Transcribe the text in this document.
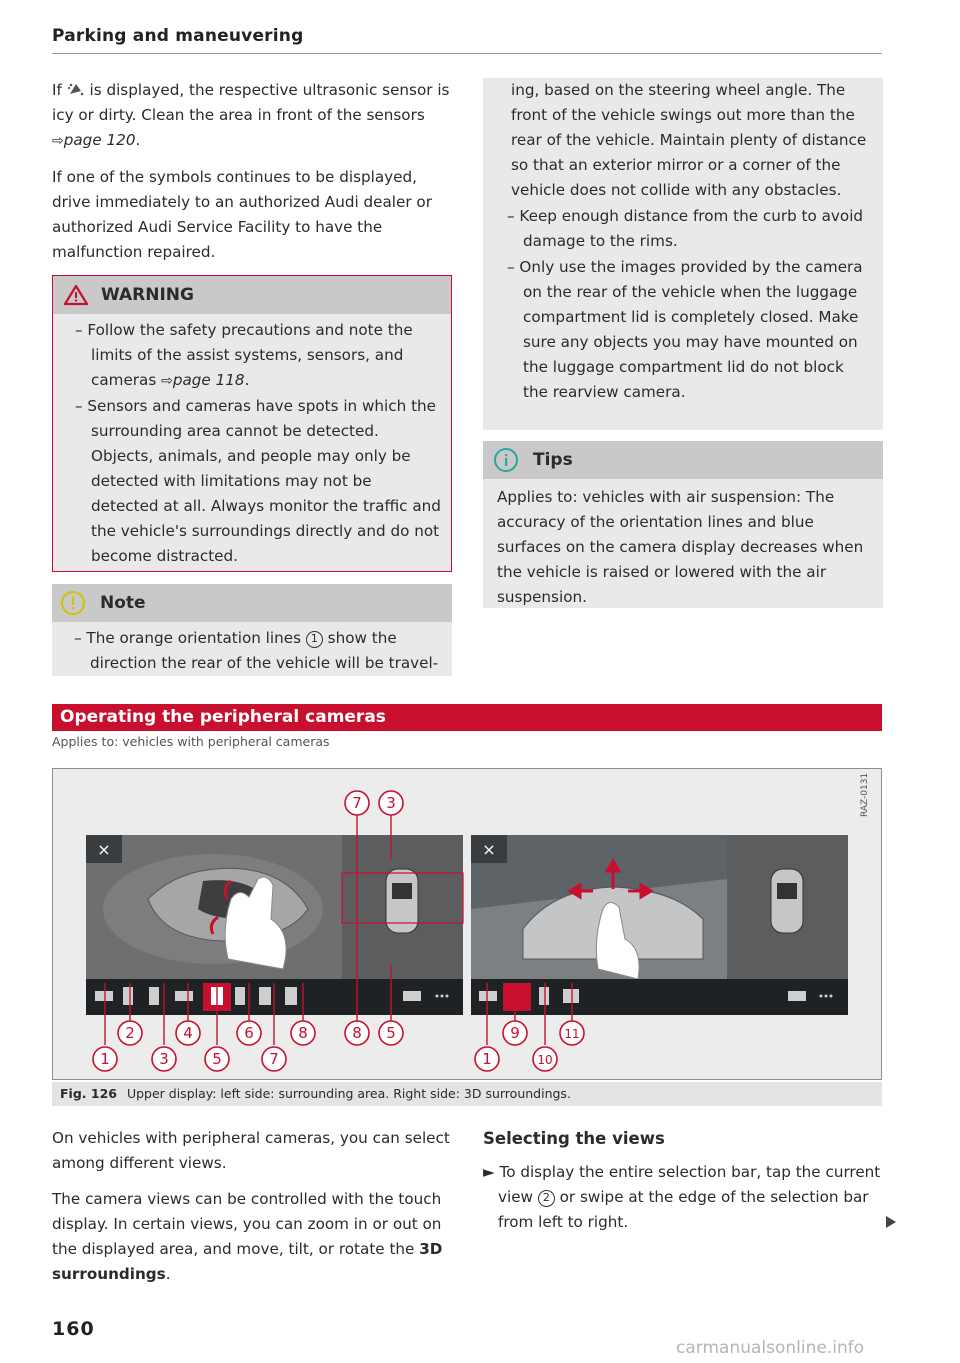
Parking and maneuvering

If is displayed, the respective ultrasonic sensor is icy or dirty. Clean the area in front of the sensors ⇨page 120.

If one of the symbols continues to be displayed, drive immediately to an authorized Audi dealer or authorized Audi Service Facility to have the malfunction repaired.

WARNING

– Follow the safety precautions and note the limits of the assist systems, sensors, and cameras ⇨page 118.

– Sensors and cameras have spots in which the surrounding area cannot be detected. Objects, animals, and people may only be detected with limitations may not be detected at all. Always monitor the traffic and the vehicle's surroundings directly and do not become distracted.

Note

– The orange orientation lines 1 show the direction the rear of the vehicle will be travel-

ing, based on the steering wheel angle. The front of the vehicle swings out more than the rear of the vehicle. Maintain plenty of distance so that an exterior mirror or a corner of the vehicle does not collide with any obstacles.

– Keep enough distance from the curb to avoid damage to the rims.

– Only use the images provided by the camera on the rear of the vehicle when the luggage compartment lid is completely closed. Make sure any objects you may have mounted on the luggage compartment lid do not block the rearview camera.

Tips

Applies to: vehicles with air suspension: The accuracy of the orientation lines and blue surfaces on the camera display decreases when the vehicle is raised or lowered with the air suspension.

Operating the peripheral cameras
Applies to: vehicles with peripheral cameras
×	×
7 3
2	4	6	8	8 5
1	3	5	7
9	11
1	10
RAZ-0131
Fig. 126 Upper display: left side: surrounding area. Right side: 3D surroundings.

On vehicles with peripheral cameras, you can select among different views.

The camera views can be controlled with the touch display. In certain views, you can zoom in or out on the displayed area, and move, tilt, or rotate the 3D surroundings.

Selecting the views

► To display the entire selection bar, tap the current view 2 or swipe at the edge of the selection bar from left to right.

160
carmanualsonline.info
